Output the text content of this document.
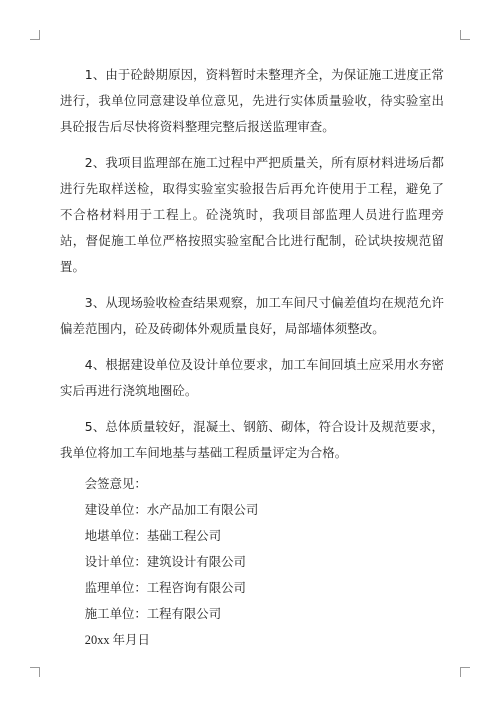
1、由于砼龄期原因，资料暂时未整理齐全，为保证施工进度正常进行，我单位同意建设单位意见，先进行实体质量验收，待实验室出具砼报告后尽快将资料整理完整后报送监理审查。

2、我项目监理部在施工过程中严把质量关，所有原材料进场后都进行先取样送检，取得实验室实验报告后再允许使用于工程，避免了不合格材料用于工程上。砼浇筑时，我项目部监理人员进行监理旁站，督促施工单位严格按照实验室配合比进行配制，砼试块按规范留置。

3、从现场验收检查结果观察，加工车间尺寸偏差值均在规范允许偏差范围内，砼及砖砌体外观质量良好，局部墙体须整改。

4、根据建设单位及设计单位要求，加工车间回填土应采用水夯密实后再进行浇筑地圈砼。

5、总体质量较好，混凝土、钢筋、砌体，符合设计及规范要求，我单位将加工车间地基与基础工程质量评定为合格。

会签意见：
建设单位：水产品加工有限公司
地堪单位：基础工程公司
设计单位：建筑设计有限公司
监理单位：工程咨询有限公司
施工单位：工程有限公司
20xx 年月日
